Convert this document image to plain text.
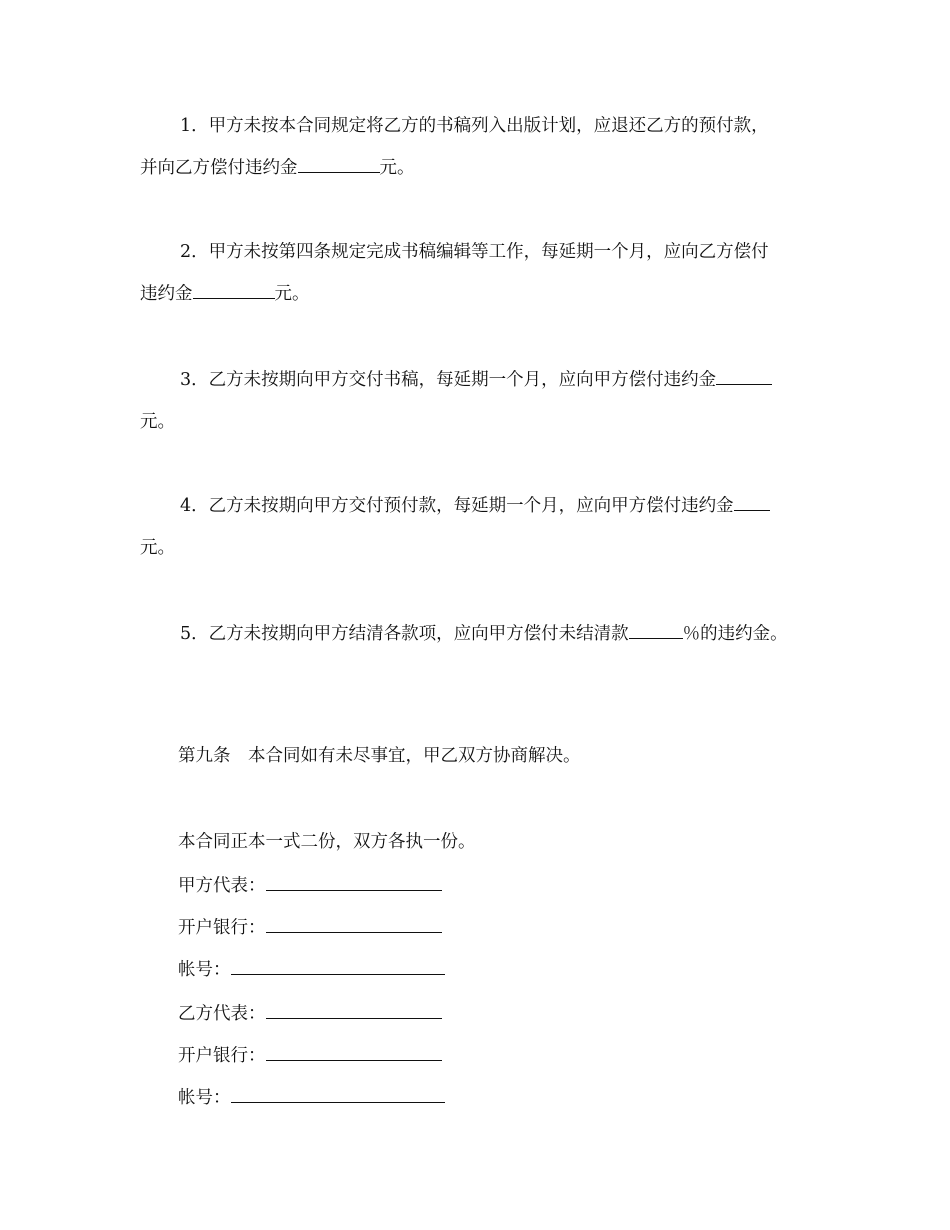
1．甲方未按本合同规定将乙方的书稿列入出版计划，应退还乙方的预付款，
并向乙方偿付违约金	元。
2．甲方未按第四条规定完成书稿编辑等工作，每延期一个月，应向乙方偿付
违约金	元。
3．乙方未按期向甲方交付书稿，每延期一个月，应向甲方偿付违约金
元。
4．乙方未按期向甲方交付预付款，每延期一个月，应向甲方偿付违约金
元。
5．乙方未按期向甲方结清各款项，应向甲方偿付未结清款	％的违约金。
第九条　本合同如有未尽事宜，甲乙双方协商解决。
本合同正本一式二份，双方各执一份。
甲方代表：
开户银行：
帐号：
乙方代表：
开户银行：
帐号：
